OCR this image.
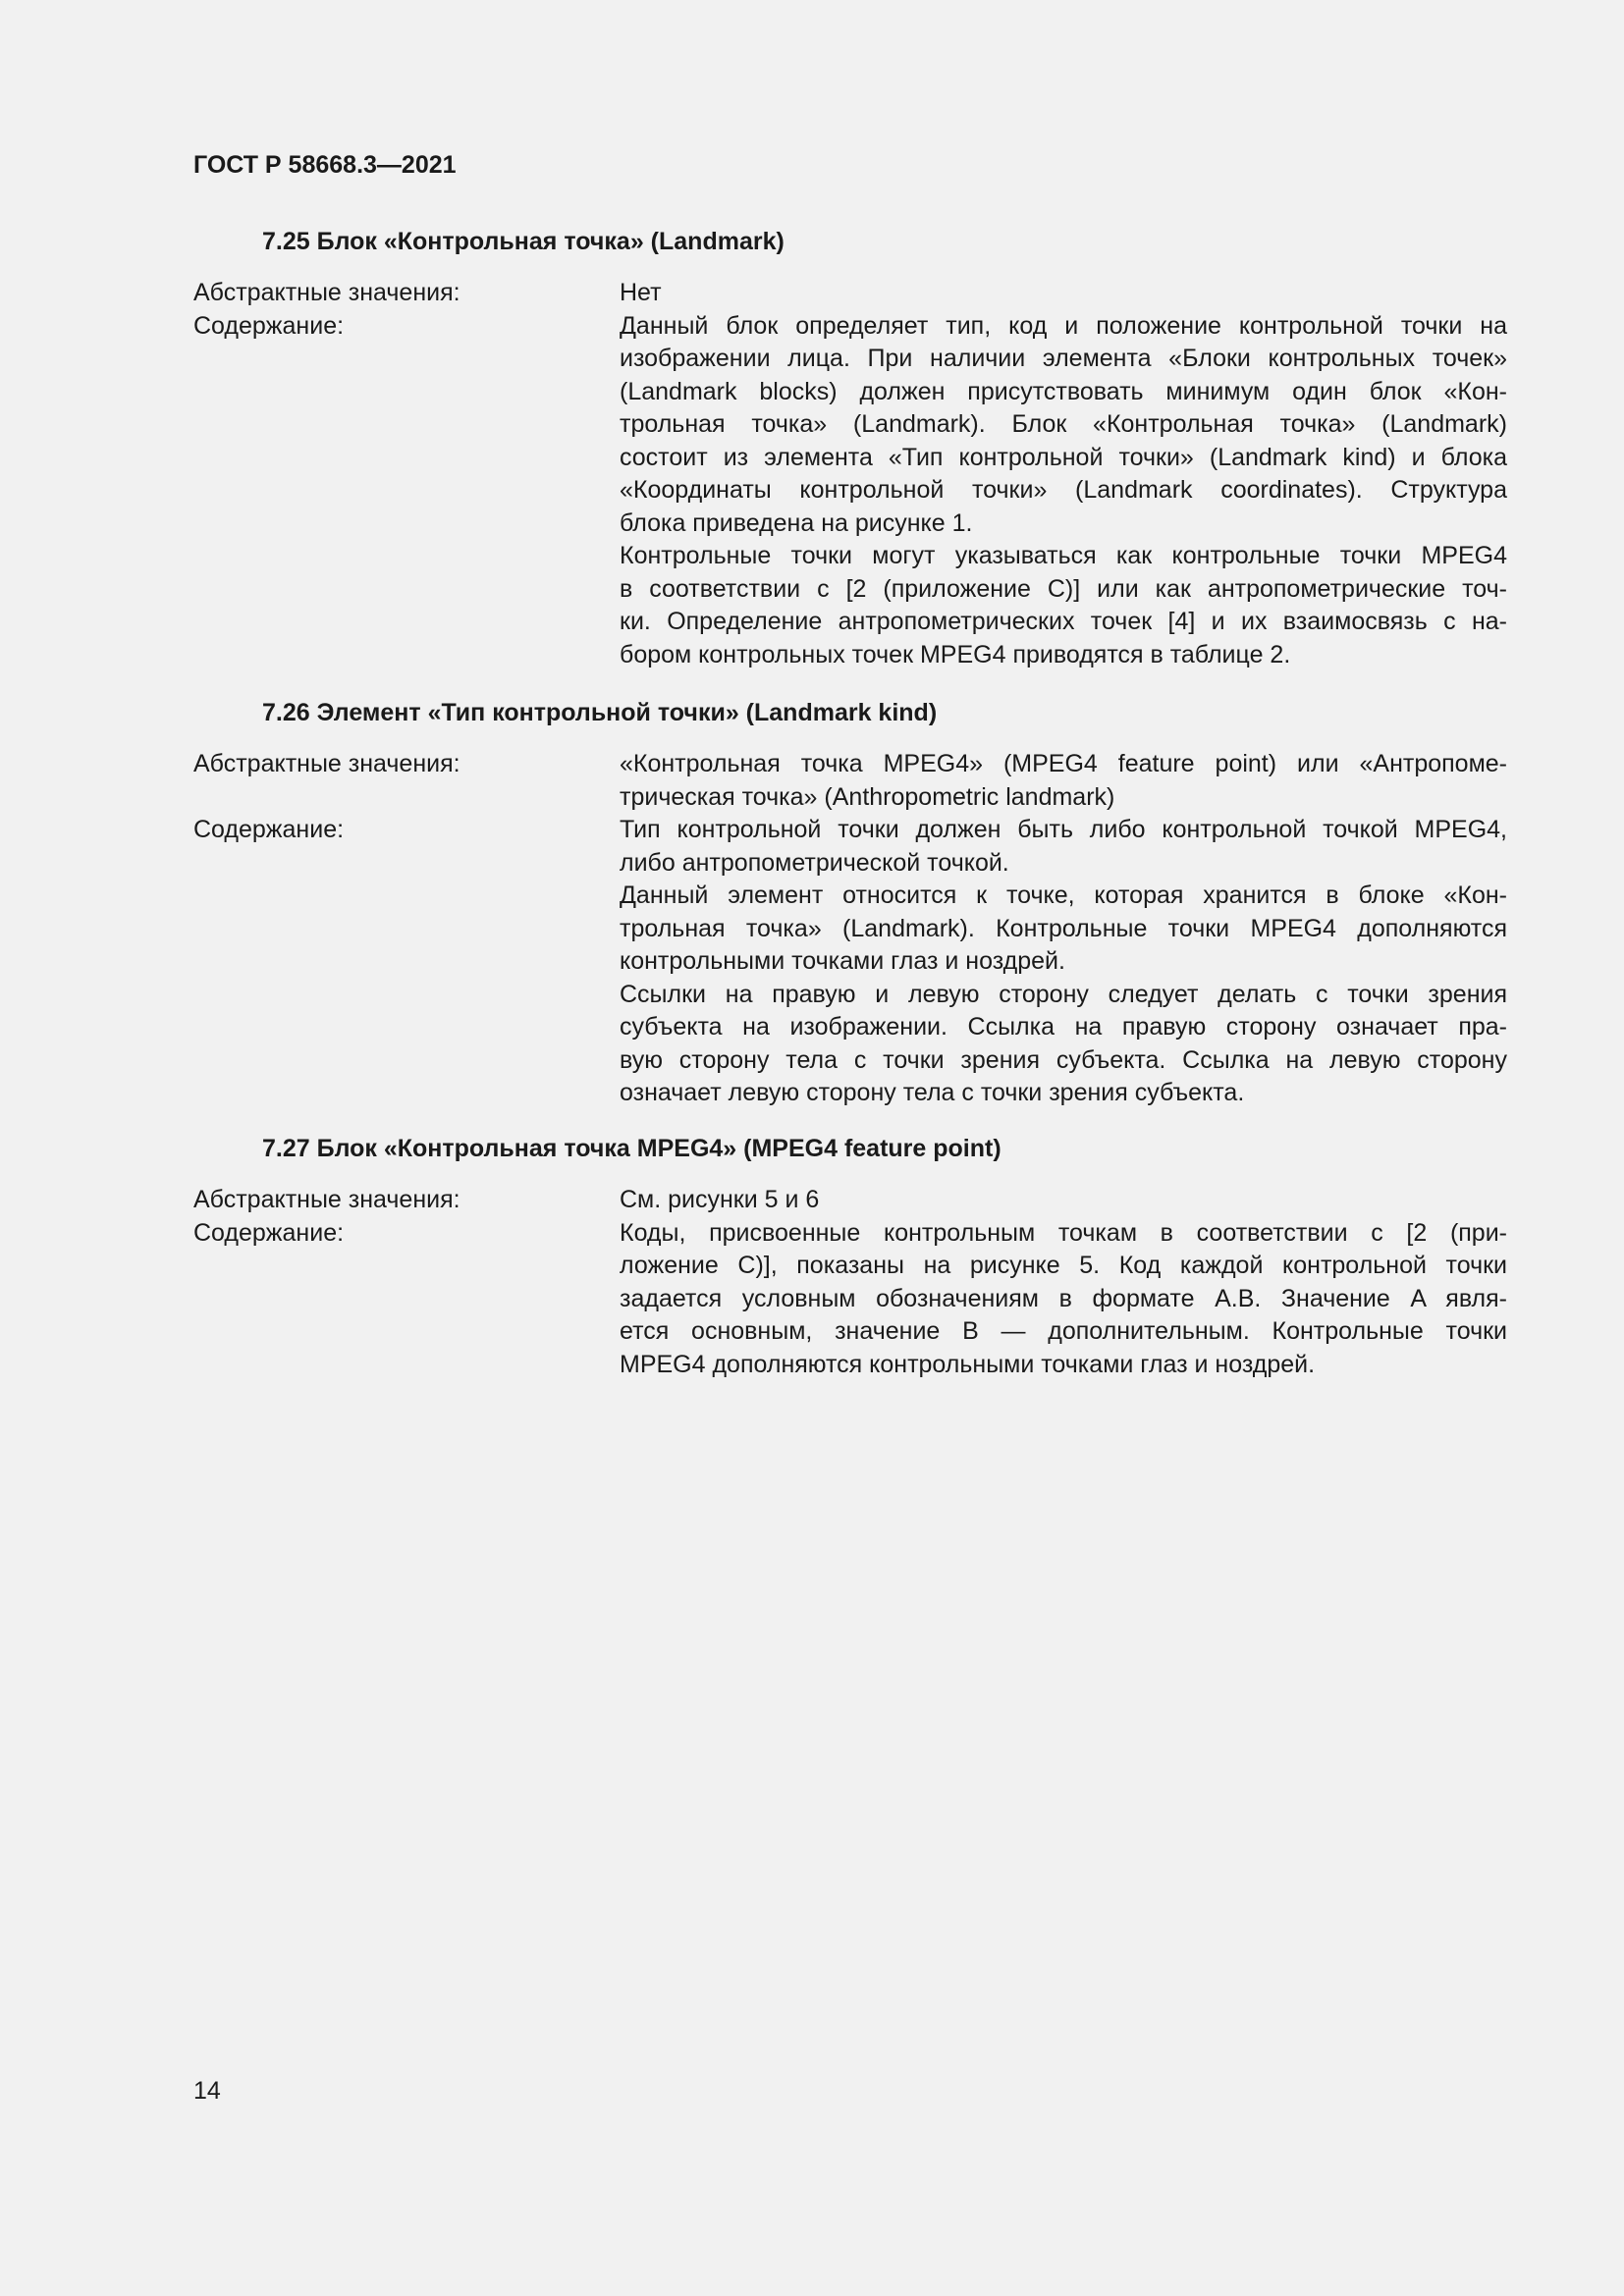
ГОСТ Р 58668.3—2021
7.25 Блок «Контрольная точка» (Landmark)
Абстрактные значения:	Нет
Содержание:	Данный блок определяет тип, код и положение контрольной точки на
изображении лица. При наличии элемента «Блоки контрольных точек»
(Landmark blocks) должен присутствовать минимум один блок «Кон-
трольная точка» (Landmark). Блок «Контрольная точка» (Landmark)
состоит из элемента «Тип контрольной точки» (Landmark kind) и блока
«Координаты контрольной точки» (Landmark coordinates). Структура
блока приведена на рисунке 1.
Контрольные точки могут указываться как контрольные точки MPEG4
в соответствии с [2 (приложение С)] или как антропометрические точ-
ки. Определение антропометрических точек [4] и их взаимосвязь с на-
бором контрольных точек MPEG4 приводятся в таблице 2.
7.26 Элемент «Тип контрольной точки» (Landmark kind)
Абстрактные значения:	«Контрольная точка MPEG4» (MPEG4 feature point) или «Антропоме-
трическая точка» (Anthropometric landmark)
Содержание:	Тип контрольной точки должен быть либо контрольной точкой MPEG4,
либо антропометрической точкой.
Данный элемент относится к точке, которая хранится в блоке «Кон-
трольная точка» (Landmark). Контрольные точки MPEG4 дополняются
контрольными точками глаз и ноздрей.
Ссылки на правую и левую сторону следует делать с точки зрения
субъекта на изображении. Ссылка на правую сторону означает пра-
вую сторону тела с точки зрения субъекта. Ссылка на левую сторону
означает левую сторону тела с точки зрения субъекта.
7.27 Блок «Контрольная точка MPEG4» (MPEG4 feature point)
Абстрактные значения:	См. рисунки 5 и 6
Содержание:	Коды, присвоенные контрольным точкам в соответствии с [2 (при-
ложение С)], показаны на рисунке 5. Код каждой контрольной точки
задается условным обозначениям в формате A.B. Значение A явля-
ется основным, значение B — дополнительным. Контрольные точки
MPEG4 дополняются контрольными точками глаз и ноздрей.
14
